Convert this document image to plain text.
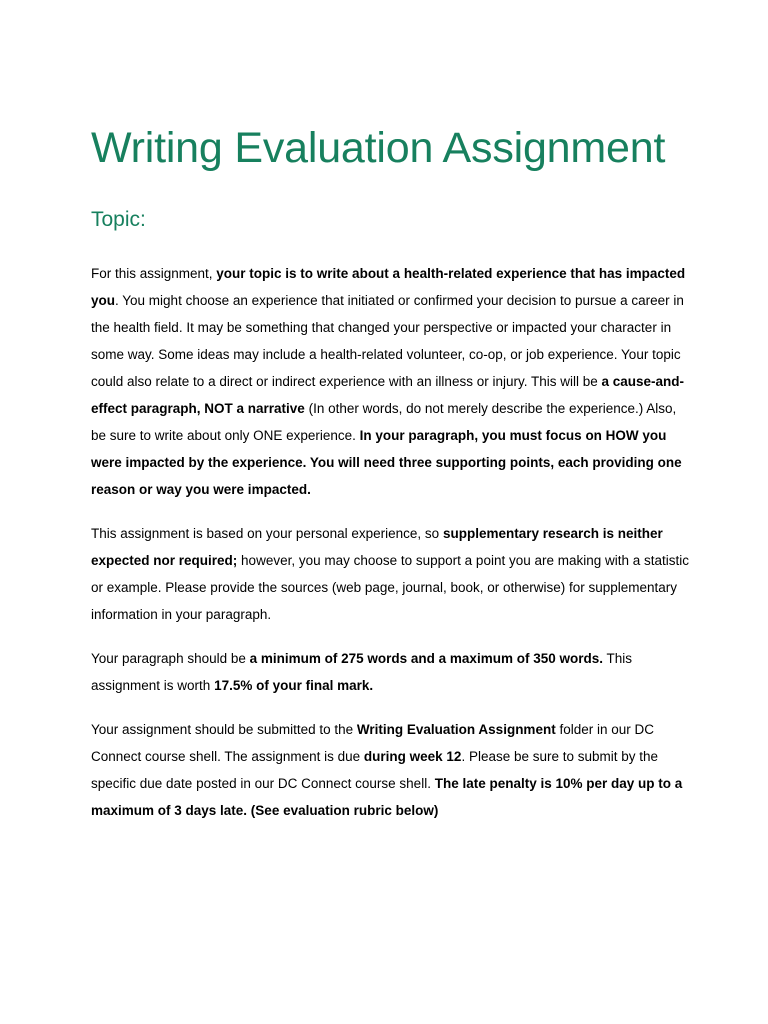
Writing Evaluation Assignment
Topic:

For this assignment, your topic is to write about a health-related experience that has impacted you. You might choose an experience that initiated or confirmed your decision to pursue a career in the health field. It may be something that changed your perspective or impacted your character in some way. Some ideas may include a health-related volunteer, co-op, or job experience. Your topic could also relate to a direct or indirect experience with an illness or injury. This will be a cause-and-effect paragraph, NOT a narrative (In other words, do not merely describe the experience.) Also, be sure to write about only ONE experience. In your paragraph, you must focus on HOW you were impacted by the experience. You will need three supporting points, each providing one reason or way you were impacted.

This assignment is based on your personal experience, so supplementary research is neither expected nor required; however, you may choose to support a point you are making with a statistic or example. Please provide the sources (web page, journal, book, or otherwise) for supplementary information in your paragraph.

Your paragraph should be a minimum of 275 words and a maximum of 350 words. This assignment is worth 17.5% of your final mark.

Your assignment should be submitted to the Writing Evaluation Assignment folder in our DC Connect course shell. The assignment is due during week 12. Please be sure to submit by the specific due date posted in our DC Connect course shell. The late penalty is 10% per day up to a maximum of 3 days late. (See evaluation rubric below)
